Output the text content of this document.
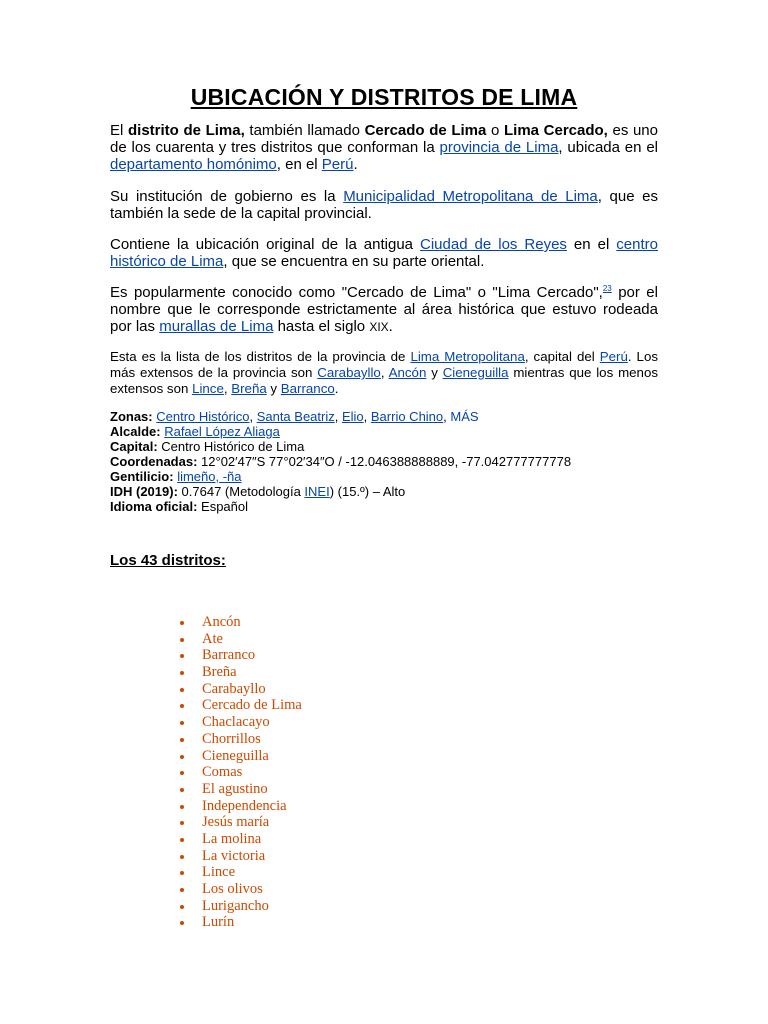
UBICACIÓN Y DISTRITOS DE LIMA

El distrito de Lima, también llamado Cercado de Lima o Lima Cercado, es uno de los cuarenta y tres distritos que conforman la provincia de Lima, ubicada en el departamento homónimo, en el Perú.

Su institución de gobierno es la Municipalidad Metropolitana de Lima, que es también la sede de la capital provincial.

Contiene la ubicación original de la antigua Ciudad de los Reyes en el centro histórico de Lima, que se encuentra en su parte oriental.

Es popularmente conocido como "Cercado de Lima" o "Lima Cercado",$^{23}$ por el nombre que le corresponde estrictamente al área histórica que estuvo rodeada por las murallas de Lima hasta el siglo XIX.

Esta es la lista de los distritos de la provincia de Lima Metropolitana, capital del Perú. Los más extensos de la provincia son Carabayllo, Ancón y Cieneguilla mientras que los menos extensos son Lince, Breña y Barranco.

Zonas: Centro Histórico, Santa Beatriz, Elio, Barrio Chino, MÁS
Alcalde: Rafael López Aliaga
Capital: Centro Histórico de Lima
Coordenadas: 12°02′47″S 77°02′34″O / -12.046388888889, -77.042777777778
Gentilicio: limeño, -ña
IDH (2019): 0.7647 (Metodología INEI) (15.º) – Alto
Idioma oficial: Español
Los 43 distritos:
Ancón
Ate
Barranco
Breña
Carabayllo
Cercado de Lima
Chaclacayo
Chorrillos
Cieneguilla
Comas
El agustino
Independencia
Jesús maría
La molina
La victoria
Lince
Los olivos
Lurigancho
Lurín
